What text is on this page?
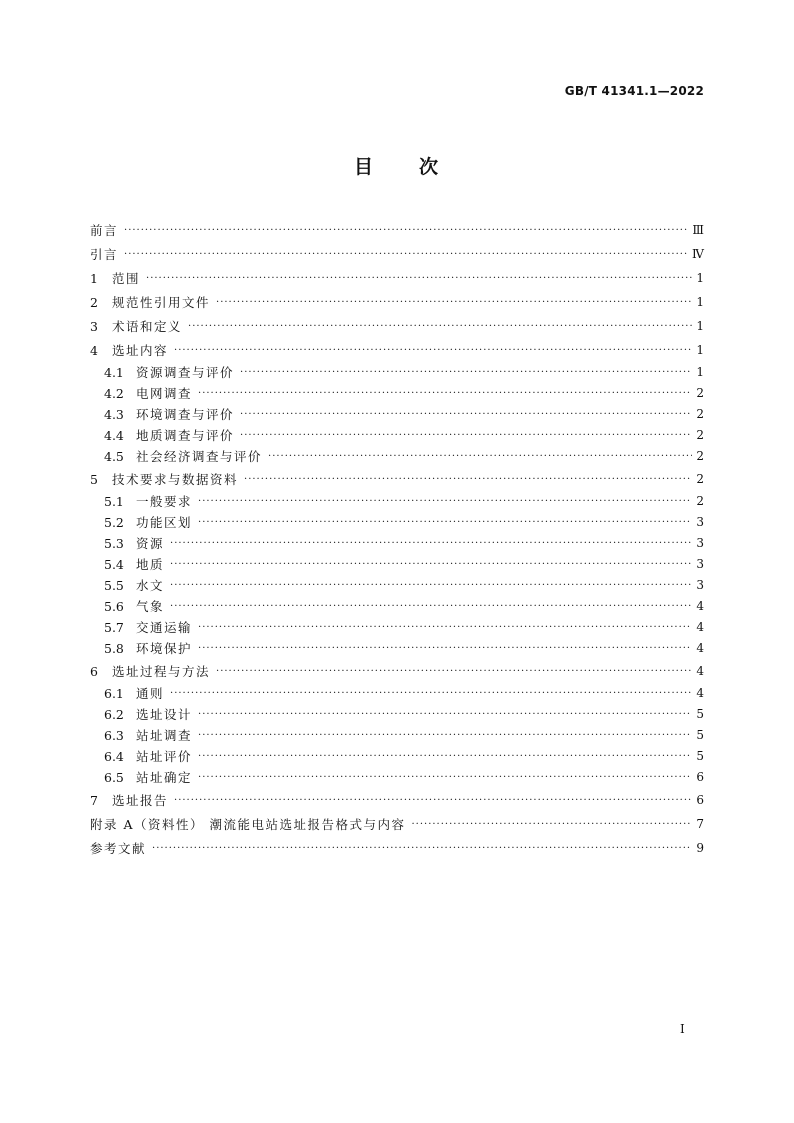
GB/T 41341.1—2022
目 次
前言 ·····	Ⅲ
引言 ·····	Ⅳ
1	范围 ·····	1
2	规范性引用文件 ·····	1
3	术语和定义 ·····	1
4	选址内容 ·····	1
4.1 资源调查与评价 ·····	1
4.2 电网调查 ·····	2
4.3 环境调查与评价 ·····	2
4.4 地质调查与评价 ·····	2
4.5 社会经济调查与评价 ·····	2
5	技术要求与数据资料 ·····	2
5.1 一般要求 ·····	2
5.2 功能区划 ·····	3
5.3 资源 ·····	3
5.4 地质 ·····	3
5.5 水文 ·····	3
5.6 气象 ·····	4
5.7 交通运输 ·····	4
5.8 环境保护 ·····	4
6	选址过程与方法 ·····	4
6.1 通则 ·····	4
6.2 选址设计 ·····	5
6.3 站址调查 ·····	5
6.4 站址评价 ·····	5
6.5 站址确定 ·····	6
7	选址报告 ·····	6
附录 A（资料性） 潮流能电站选址报告格式与内容 ·····	7
参考文献 ·····	9
I
